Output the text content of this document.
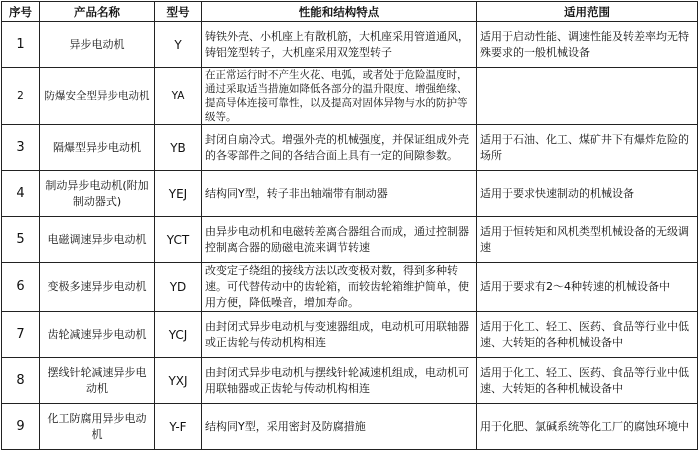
序号	产品名称	型号	性能和结构特点	适用范围
1	异步电动机	Y	铸铁外壳、小机座上有散机筋，大机座采用管道通风，铸铝笼型转子，大机座采用双笼型转子	适用于启动性能、调速性能及转差率均无特殊要求的一般机械设备
2	防爆安全型异步电动机	YA	在正常运行时不产生火花、电弧，或者处于危险温度时，通过采取适当措施如降低各部分的温升限度、增强绝缘、提高导体连接可靠性，以及提高对固体异物与水的防护等级等。	
3	隔爆型异步电动机	YB	封闭自扇冷式。增强外壳的机械强度，并保证组成外壳的各零部件之间的各结合面上具有一定的间隙参数。	适用于石油、化工、煤矿井下有爆炸危险的场所
4	制动异步电动机(附加制动器式)	YEJ	结构同Y型，转子非出轴端带有制动器	适用于要求快速制动的机械设备
5	电磁调速异步电动机	YCT	由异步电动机和电磁转差离合器组合而成，通过控制器控制离合器的励磁电流来调节转速	适用于恒转矩和风机类型机械设备的无级调速
6	变极多速异步电动机	YD	改变定子绕组的接线方法以改变极对数，得到多种转速。可代替传动中的齿轮箱，而较齿轮箱维护简单，使用方便，降低噪音，增加寿命。	适用于要求有2～4种转速的机械设备中
7	齿轮减速异步电动机	YCJ	由封闭式异步电动机与变速器组成，电动机可用联轴器或正齿轮与传动机构相连	适用于化工、轻工、医药、食品等行业中低速、大转矩的各种机械设备中
8	摆线针轮减速异步电动机	YXJ	由封闭式异步电动机与摆线针轮减速机组成，电动机可用联轴器或正齿轮与传动机构相连	适用于化工、轻工、医药、食品等行业中低速、大转矩的各种机械设备中
9	化工防腐用异步电动机	Y-F	结构同Y型，采用密封及防腐措施	用于化肥、氯碱系统等化工厂的腐蚀环境中
